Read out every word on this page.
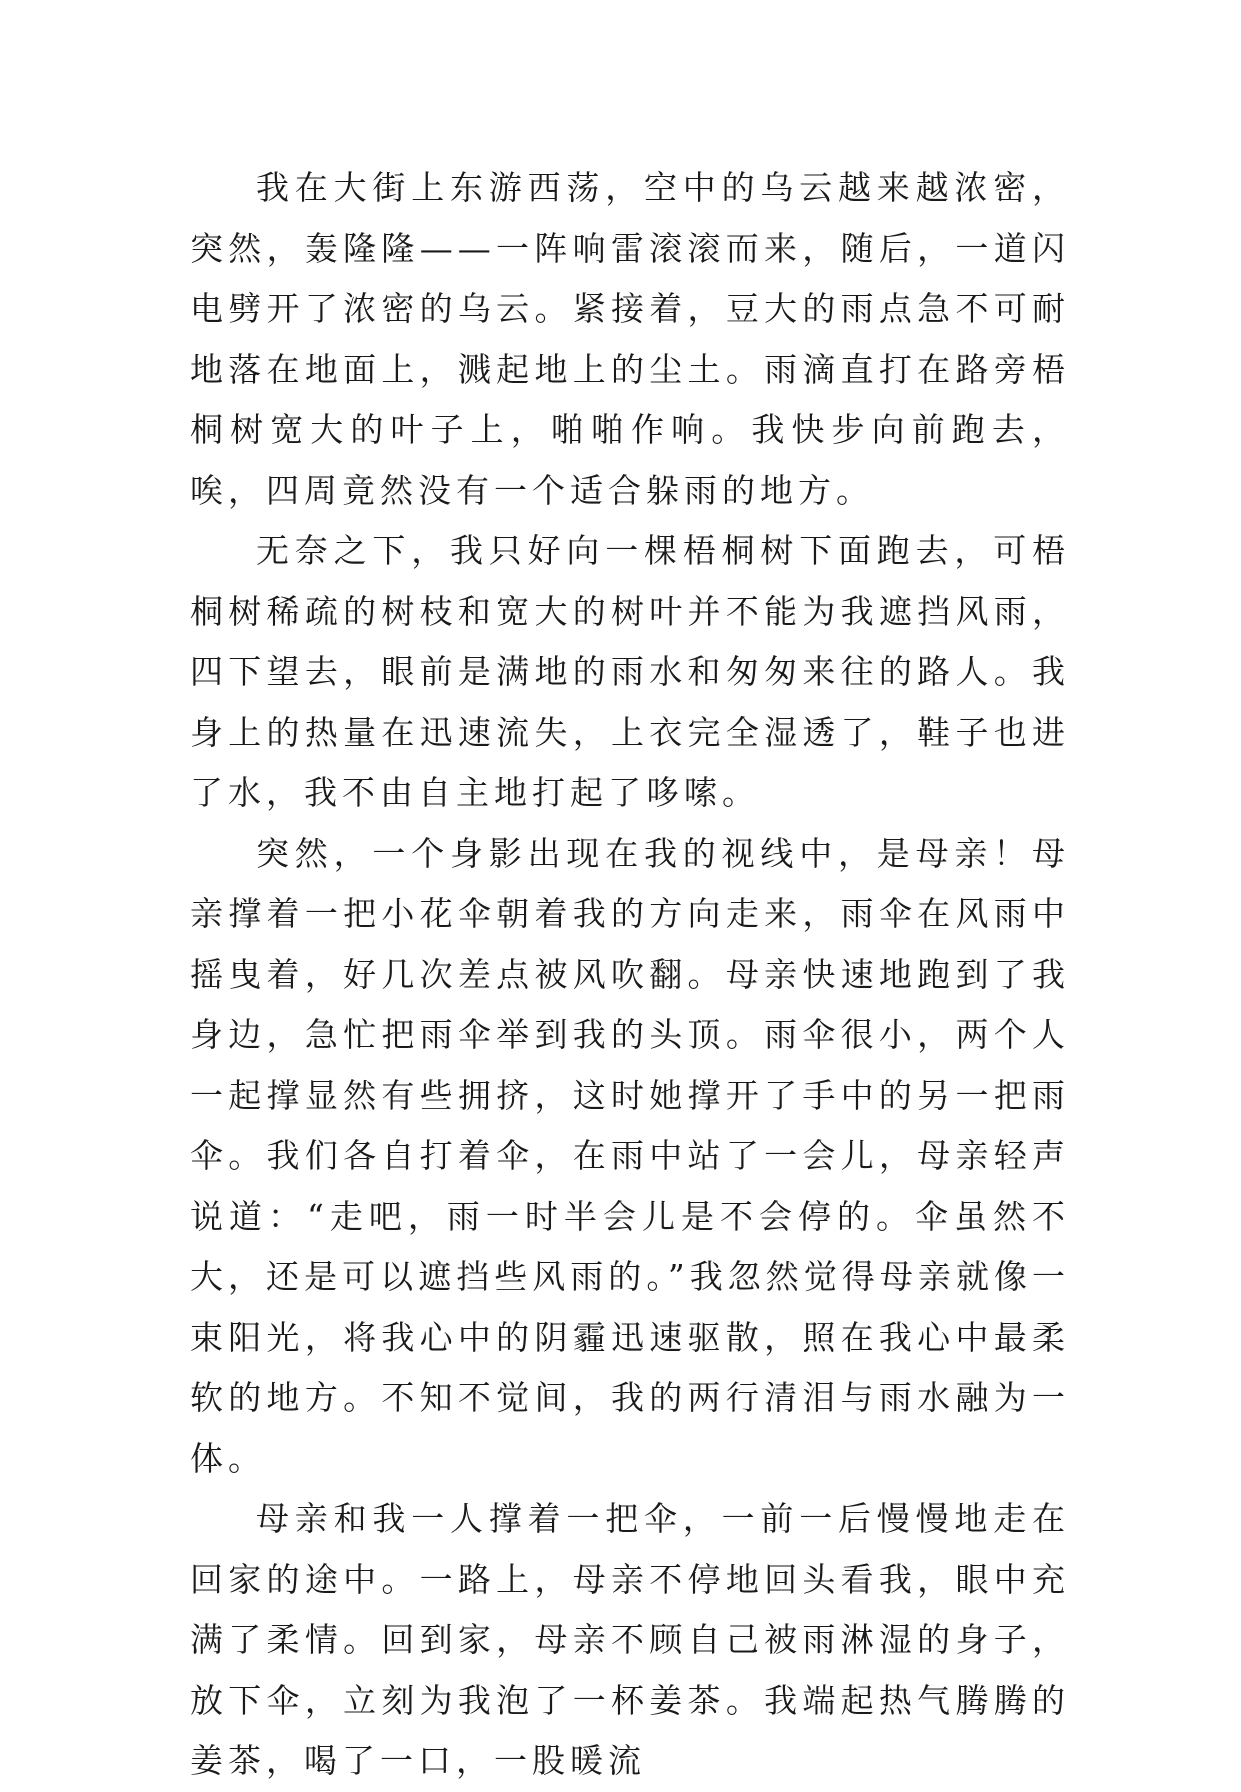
我在大街上东游西荡，空中的乌云越来越浓密，突然，轰隆隆——一阵响雷滚滚而来，随后，一道闪电劈开了浓密的乌云。紧接着，豆大的雨点急不可耐地落在地面上，溅起地上的尘土。雨滴直打在路旁梧桐树宽大的叶子上，啪啪作响。我快步向前跑去，唉，四周竟然没有一个适合躲雨的地方。

无奈之下，我只好向一棵梧桐树下面跑去，可梧桐树稀疏的树枝和宽大的树叶并不能为我遮挡风雨，四下望去，眼前是满地的雨水和匆匆来往的路人。我身上的热量在迅速流失，上衣完全湿透了，鞋子也进了水，我不由自主地打起了哆嗦。

突然，一个身影出现在我的视线中，是母亲！母亲撑着一把小花伞朝着我的方向走来，雨伞在风雨中摇曳着，好几次差点被风吹翻。母亲快速地跑到了我身边，急忙把雨伞举到我的头顶。雨伞很小，两个人一起撑显然有些拥挤，这时她撑开了手中的另一把雨伞。我们各自打着伞，在雨中站了一会儿，母亲轻声说道：“走吧，雨一时半会儿是不会停的。伞虽然不大，还是可以遮挡些风雨的。”我忽然觉得母亲就像一束阳光，将我心中的阴霾迅速驱散，照在我心中最柔软的地方。不知不觉间，我的两行清泪与雨水融为一体。

母亲和我一人撑着一把伞，一前一后慢慢地走在回家的途中。一路上，母亲不停地回头看我，眼中充满了柔情。回到家，母亲不顾自己被雨淋湿的身子，放下伞，立刻为我泡了一杯姜茶。我端起热气腾腾的姜茶，喝了一口，一股暖流
